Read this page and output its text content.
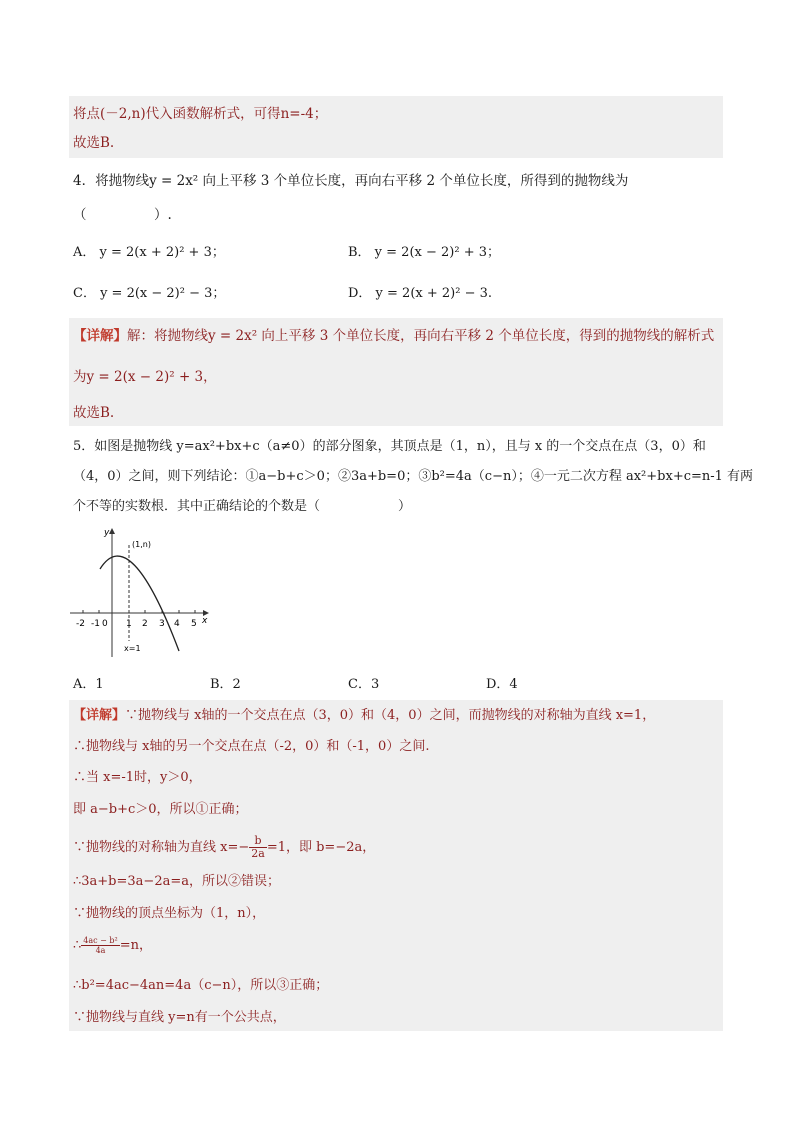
将点(－2,n)代入函数解析式，可得n=-4；
故选B.
4．将抛物线y = 2x² 向上平移 3 个单位长度，再向右平移 2 个单位长度，所得到的抛物线为
（　　　　　）.
A． y = 2(x + 2)² + 3；	B． y = 2(x − 2)² + 3；
C． y = 2(x − 2)² − 3；	D． y = 2(x + 2)² − 3.
【详解】解：将抛物线y = 2x² 向上平移 3 个单位长度，再向右平移 2 个单位长度，得到的抛物线的解析式
为y = 2(x − 2)² + 3，
故选B.
5．如图是抛物线 y=ax²+bx+c（a≠0）的部分图象，其顶点是（1，n），且与 x 的一个交点在点（3，0）和
（4，0）之间，则下列结论：①a−b+c＞0；②3a+b=0；③b²=4a（c−n）；④一元二次方程 ax²+bx+c=n-1 有两
个不等的实数根．其中正确结论的个数是（　　　　　　）
y
x
(1,n)
x=1
-2 -1 0 1 2 3 4 5
A．1	B．2	C．3	D．4
【详解】∵抛物线与 x轴的一个交点在点（3，0）和（4，0）之间，而抛物线的对称轴为直线 x=1，
∴抛物线与 x轴的另一个交点在点（-2，0）和（-1，0）之间.
∴当 x=-1时，y＞0，
即 a−b+c＞0，所以①正确；
∵抛物线的对称轴为直线 $x=- \frac{b}{2a} =1$，即 b=−2a，
∴3a+b=3a−2a=a，所以②错误；
∵抛物线的顶点坐标为（1，n），
∴ $\frac{\text{4ac − b²}}{4a} =n$，
∴b²=4ac−4an=4a（c−n），所以③正确；
∵抛物线与直线 y=n有一个公共点，
